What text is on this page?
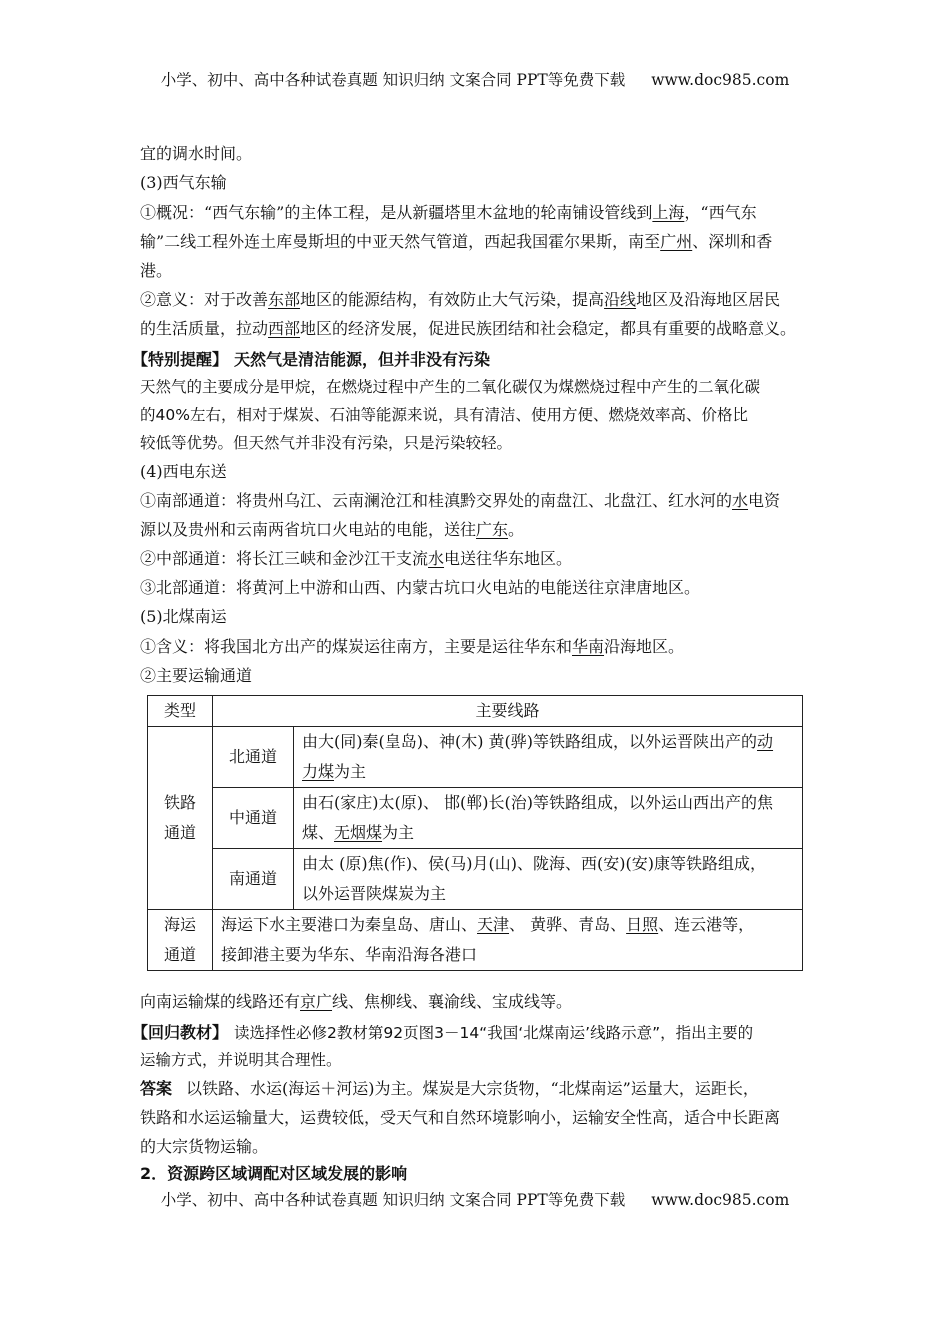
小学、初中、高中各种试卷真题 知识归纳 文案合同 PPT等免费下载 www.doc985.com
宜的调水时间。
(3)西气东输
①概况：“西气东输”的主体工程，是从新疆塔里木盆地的轮南铺设管线到上海，“西气东
输”二线工程外连土库曼斯坦的中亚天然气管道，西起我国霍尔果斯，南至广州、深圳和香
港。
②意义：对于改善东部地区的能源结构，有效防止大气污染，提高沿线地区及沿海地区居民
的生活质量，拉动西部地区的经济发展，促进民族团结和社会稳定，都具有重要的战略意义。
【特别提醒】 天然气是清洁能源，但并非没有污染
天然气的主要成分是甲烷，在燃烧过程中产生的二氧化碳仅为煤燃烧过程中产生的二氧化碳
的40%左右，相对于煤炭、石油等能源来说，具有清洁、使用方便、燃烧效率高、价格比
较低等优势。但天然气并非没有污染，只是污染较轻。
(4)西电东送
①南部通道：将贵州乌江、云南澜沧江和桂滇黔交界处的南盘江、北盘江、红水河的水电资
源以及贵州和云南两省坑口火电站的电能，送往广东。
②中部通道：将长江三峡和金沙江干支流水电送往华东地区。
③北部通道：将黄河上中游和山西、内蒙古坑口火电站的电能送往京津唐地区。
(5)北煤南运
①含义：将我国北方出产的煤炭运往南方，主要是运往华东和华南沿海地区。
②主要运输通道
类型	主要线路	
铁路
通道	北通道	由大(同)秦(皇岛)、神(木) 黄(骅)等铁路组成，以外运晋陕出产的动
力煤为主
	中通道	由石(家庄)太(原)、 邯(郸)长(治)等铁路组成，以外运山西出产的焦
煤、无烟煤为主
	南通道	由太 (原)焦(作)、侯(马)月(山)、陇海、西(安)(安)康等铁路组成，
以外运晋陕煤炭为主
海运
通道	海运下水主要港口为秦皇岛、唐山、天津、 黄骅、青岛、日照、连云港等，
接卸港主要为华东、华南沿海各港口	
向南运输煤的线路还有京广线、焦柳线、襄渝线、宝成线等。
【回归教材】 读选择性必修2教材第92页图3－14“我国‘北煤南运’线路示意”，指出主要的
运输方式，并说明其合理性。
答案 以铁路、水运(海运＋河运)为主。煤炭是大宗货物，“北煤南运”运量大，运距长，
铁路和水运运输量大，运费较低，受天气和自然环境影响小，运输安全性高，适合中长距离
的大宗货物运输。
2．资源跨区域调配对区域发展的影响
小学、初中、高中各种试卷真题 知识归纳 文案合同 PPT等免费下载 www.doc985.com
